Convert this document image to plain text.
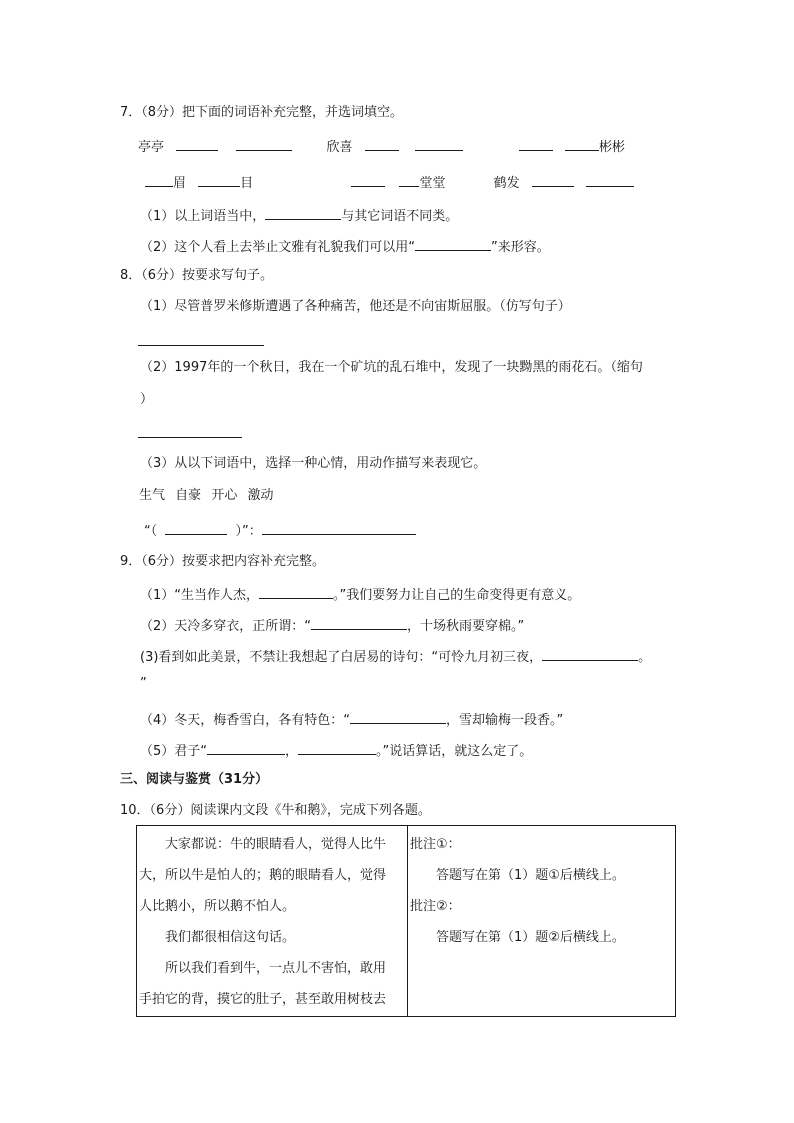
7．（8分）把下面的词语补充完整，并选词填空。
亭亭	欣喜	彬彬
眉	目	堂堂	鹤发
（1）以上词语当中，	与其它词语不同类。
（2）这个人看上去举止文雅有礼貌我们可以用“	”来形容。
8．（6分）按要求写句子。
（1）尽管普罗米修斯遭遇了各种痛苦，他还是不向宙斯屈服。（仿写句子）
（2）1997年的一个秋日，我在一个矿坑的乱石堆中，发现了一块黝黑的雨花石。（缩句
）
（3）从以下词语中，选择一种心情，用动作描写来表现它。
生气 自豪 开心 激动
“（	）”：
9．（6分）按要求把内容补充完整。
（1）“生当作人杰，	。”我们要努力让自己的生命变得更有意义。
（2）天冷多穿衣，正所谓：“	，十场秋雨要穿棉。”
(3)看到如此美景，不禁让我想起了白居易的诗句：“可怜九月初三夜，	。
”
（4）冬天，梅香雪白，各有特色：“	，雪却输梅一段香。”
（5）君子“	，	。”说话算话，就这么定了。
三、阅读与鉴赏（31分）
10．（6分）阅读课内文段《牛和鹅》，完成下列各题。
大家都说：牛的眼睛看人，觉得人比牛
大，所以牛是怕人的；鹅的眼睛看人，觉得
人比鹅小，所以鹅不怕人。
我们都很相信这句话。
所以我们看到牛，一点儿不害怕，敢用
手拍它的背，摸它的肚子，甚至敢用树枝去

批注①：
答题写在第（1）题①后横线上。
批注②：
答题写在第（1）题②后横线上。
